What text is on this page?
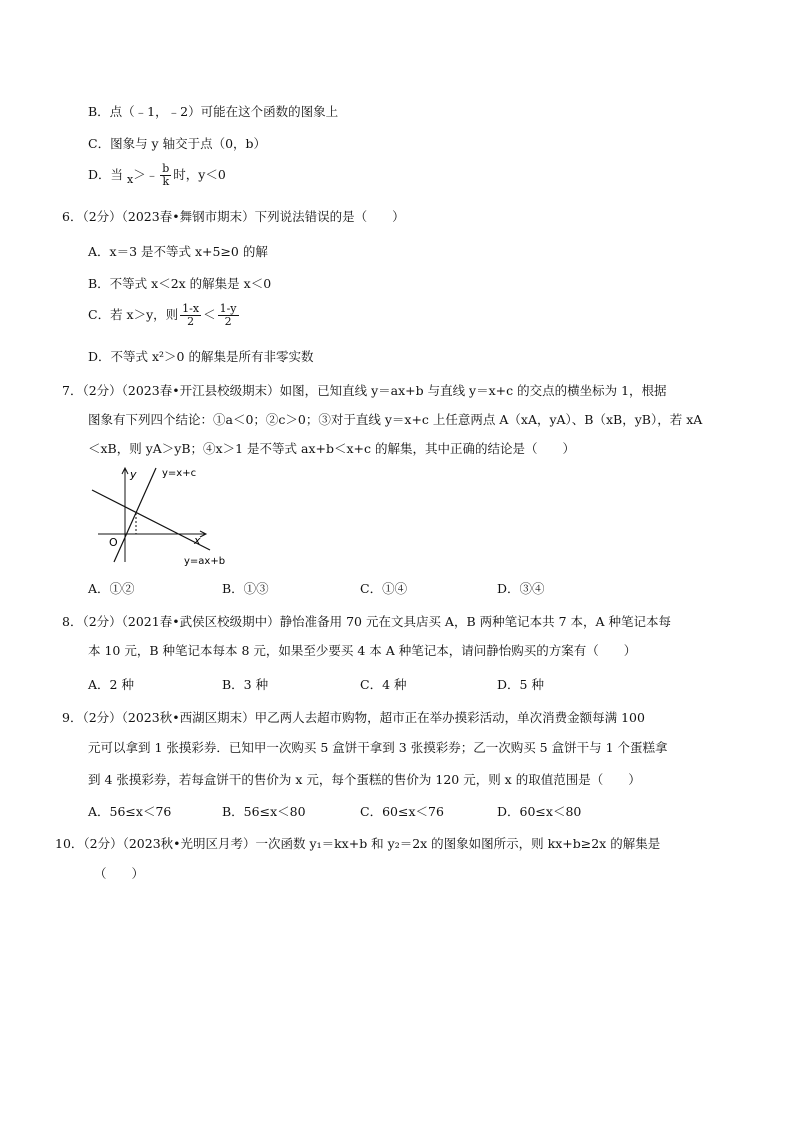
B．点（﹣1，﹣2）可能在这个函数的图象上
C．图象与 y 轴交于点（0，b）
D．当 x＞﹣ $\frac{b}{k}$ 时，y＜0
6．（2分）（2023春•舞钢市期末）下列说法错误的是（　　）
A．x＝3 是不等式 x+5≥0 的解
B．不等式 x＜2x 的解集是 x＜0
C．若 x＞y，则 $\frac{1-x}{2} < \frac{1-y}{2}$
D．不等式 x²＞0 的解集是所有非零实数
7．（2分）（2023春•开江县校级期末）如图，已知直线 y＝ax+b 与直线 y＝x+c 的交点的横坐标为 1，根据
图象有下列四个结论：①a＜0；②c＞0；③对于直线 y＝x+c 上任意两点 A（xA，yA）、B（xB，yB），若 xA
＜xB，则 yA＞yB；④x＞1 是不等式 ax+b＜x+c 的解集，其中正确的结论是（　　）
y
x
O
y=x+c
y=ax+b
A．①②	B．①③	C．①④	D．③④
8．（2分）（2021春•武侯区校级期中）静怡准备用 70 元在文具店买 A，B 两种笔记本共 7 本，A 种笔记本每
本 10 元，B 种笔记本每本 8 元，如果至少要买 4 本 A 种笔记本，请问静怡购买的方案有（　　）
A．2 种	B．3 种	C．4 种	D．5 种
9．（2分）（2023秋•西湖区期末）甲乙两人去超市购物，超市正在举办摸彩活动，单次消费金额每满 100
元可以拿到 1 张摸彩券．已知甲一次购买 5 盒饼干拿到 3 张摸彩券；乙一次购买 5 盒饼干与 1 个蛋糕拿
到 4 张摸彩券，若每盒饼干的售价为 x 元，每个蛋糕的售价为 120 元，则 x 的取值范围是（　　）
A．56≤x＜76	B．56≤x＜80	C．60≤x＜76	D．60≤x＜80
10．（2分）（2023秋•光明区月考）一次函数 y₁＝kx+b 和 y₂＝2x 的图象如图所示，则 kx+b≥2x 的解集是
（　　）
